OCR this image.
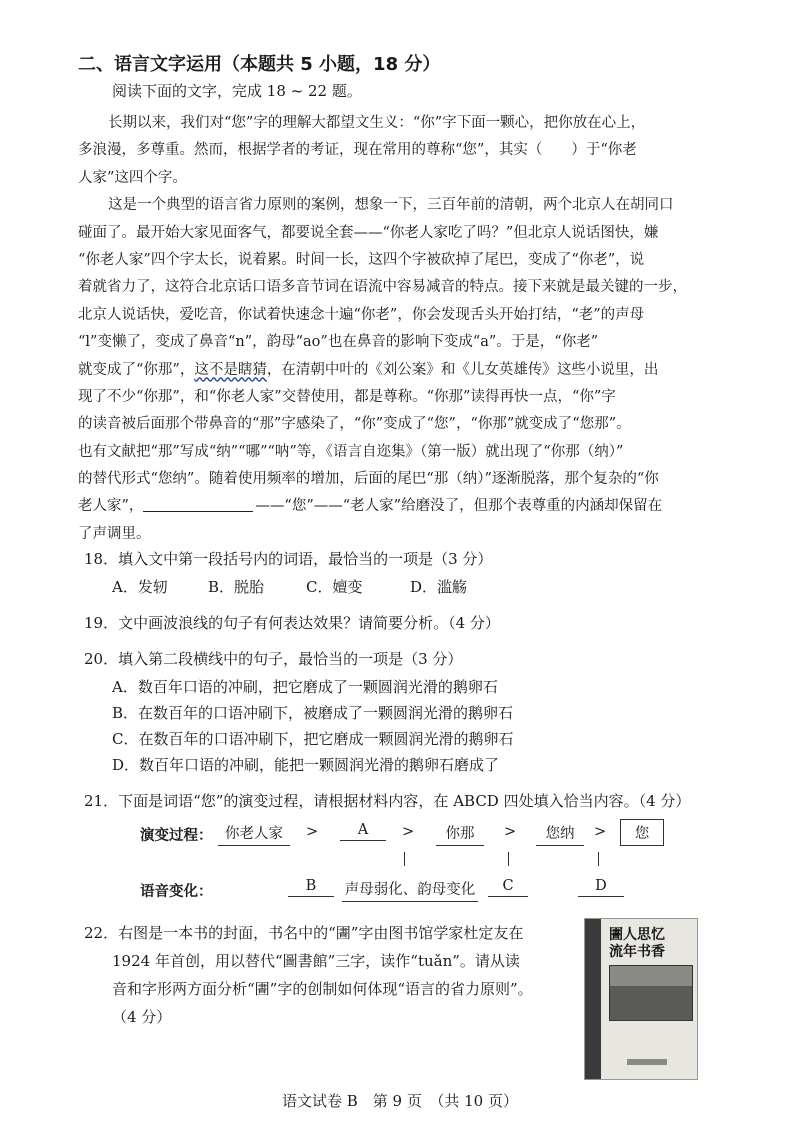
二、语言文字运用（本题共 5 小题，18 分）
阅读下面的文字，完成 18 ~ 22 题。
长期以来，我们对“您”字的理解大都望文生义：“你”字下面一颗心，把你放在心上，
多浪漫，多尊重。然而，根据学者的考证，现在常用的尊称“您”，其实（　　）于“你老
人家”这四个字。
这是一个典型的语言省力原则的案例，想象一下，三百年前的清朝，两个北京人在胡同口
碰面了。最开始大家见面客气，都要说全套——“你老人家吃了吗？”但北京人说话图快，嫌
“你老人家”四个字太长，说着累。时间一长，这四个字被砍掉了尾巴，变成了“你老”，说
着就省力了，这符合北京话口语多音节词在语流中容易减音的特点。接下来就是最关键的一步，
北京人说话快，爱吃音，你试着快速念十遍“你老”，你会发现舌头开始打结，“老”的声母
“l”变懒了，变成了鼻音“n”，韵母“ao”也在鼻音的影响下变成“a”。于是，“你老”
就变成了“你那”，这不是瞎猜，在清朝中叶的《刘公案》和《儿女英雄传》这些小说里，出
现了不少“你那”，和“你老人家”交替使用，都是尊称。“你那”读得再快一点，“你”字
的读音被后面那个带鼻音的“那”字感染了，“你”变成了“您”，“你那”就变成了“您那”。
也有文献把“那”写成“纳”“哪”“呐”等，《语言自迩集》（第一版）就出现了“你那（纳）”
的替代形式“您纳”。随着使用频率的增加，后面的尾巴“那（纳）”逐渐脱落，那个复杂的“你
老人家”，	——“您”——“老人家”给磨没了，但那个表尊重的内涵却保留在
了声调里。
18．填入文中第一段括号内的词语，最恰当的一项是（3 分）
A．发轫	B．脱胎	C．嬗变	D．滥觞
19．文中画波浪线的句子有何表达效果？请简要分析。（4 分）
20．填入第二段横线中的句子，最恰当的一项是（3 分）
A．数百年口语的冲刷，把它磨成了一颗圆润光滑的鹅卵石
B．在数百年的口语冲刷下，被磨成了一颗圆润光滑的鹅卵石
C．在数百年的口语冲刷下，把它磨成一颗圆润光滑的鹅卵石
D．数百年口语的冲刷，能把一颗圆润光滑的鹅卵石磨成了
21．下面是词语“您”的演变过程，请根据材料内容，在 ABCD 四处填入恰当内容。（4 分）
演变过程： 你老人家	>	A	>	你那	>	您纳	>	您
语音变化：	B	声母弱化、韵母变化	C	D
22．右图是一本书的封面，书名中的“圕”字由图书馆学家杜定友在
1924 年首创，用以替代“圖書館”三字，读作“tuǎn”。请从读
音和字形两方面分析“圕”字的创制如何体现“语言的省力原则”。
（4 分）
圕人思忆
流年书香
语文试卷 B　第 9 页　（共 10 页）
